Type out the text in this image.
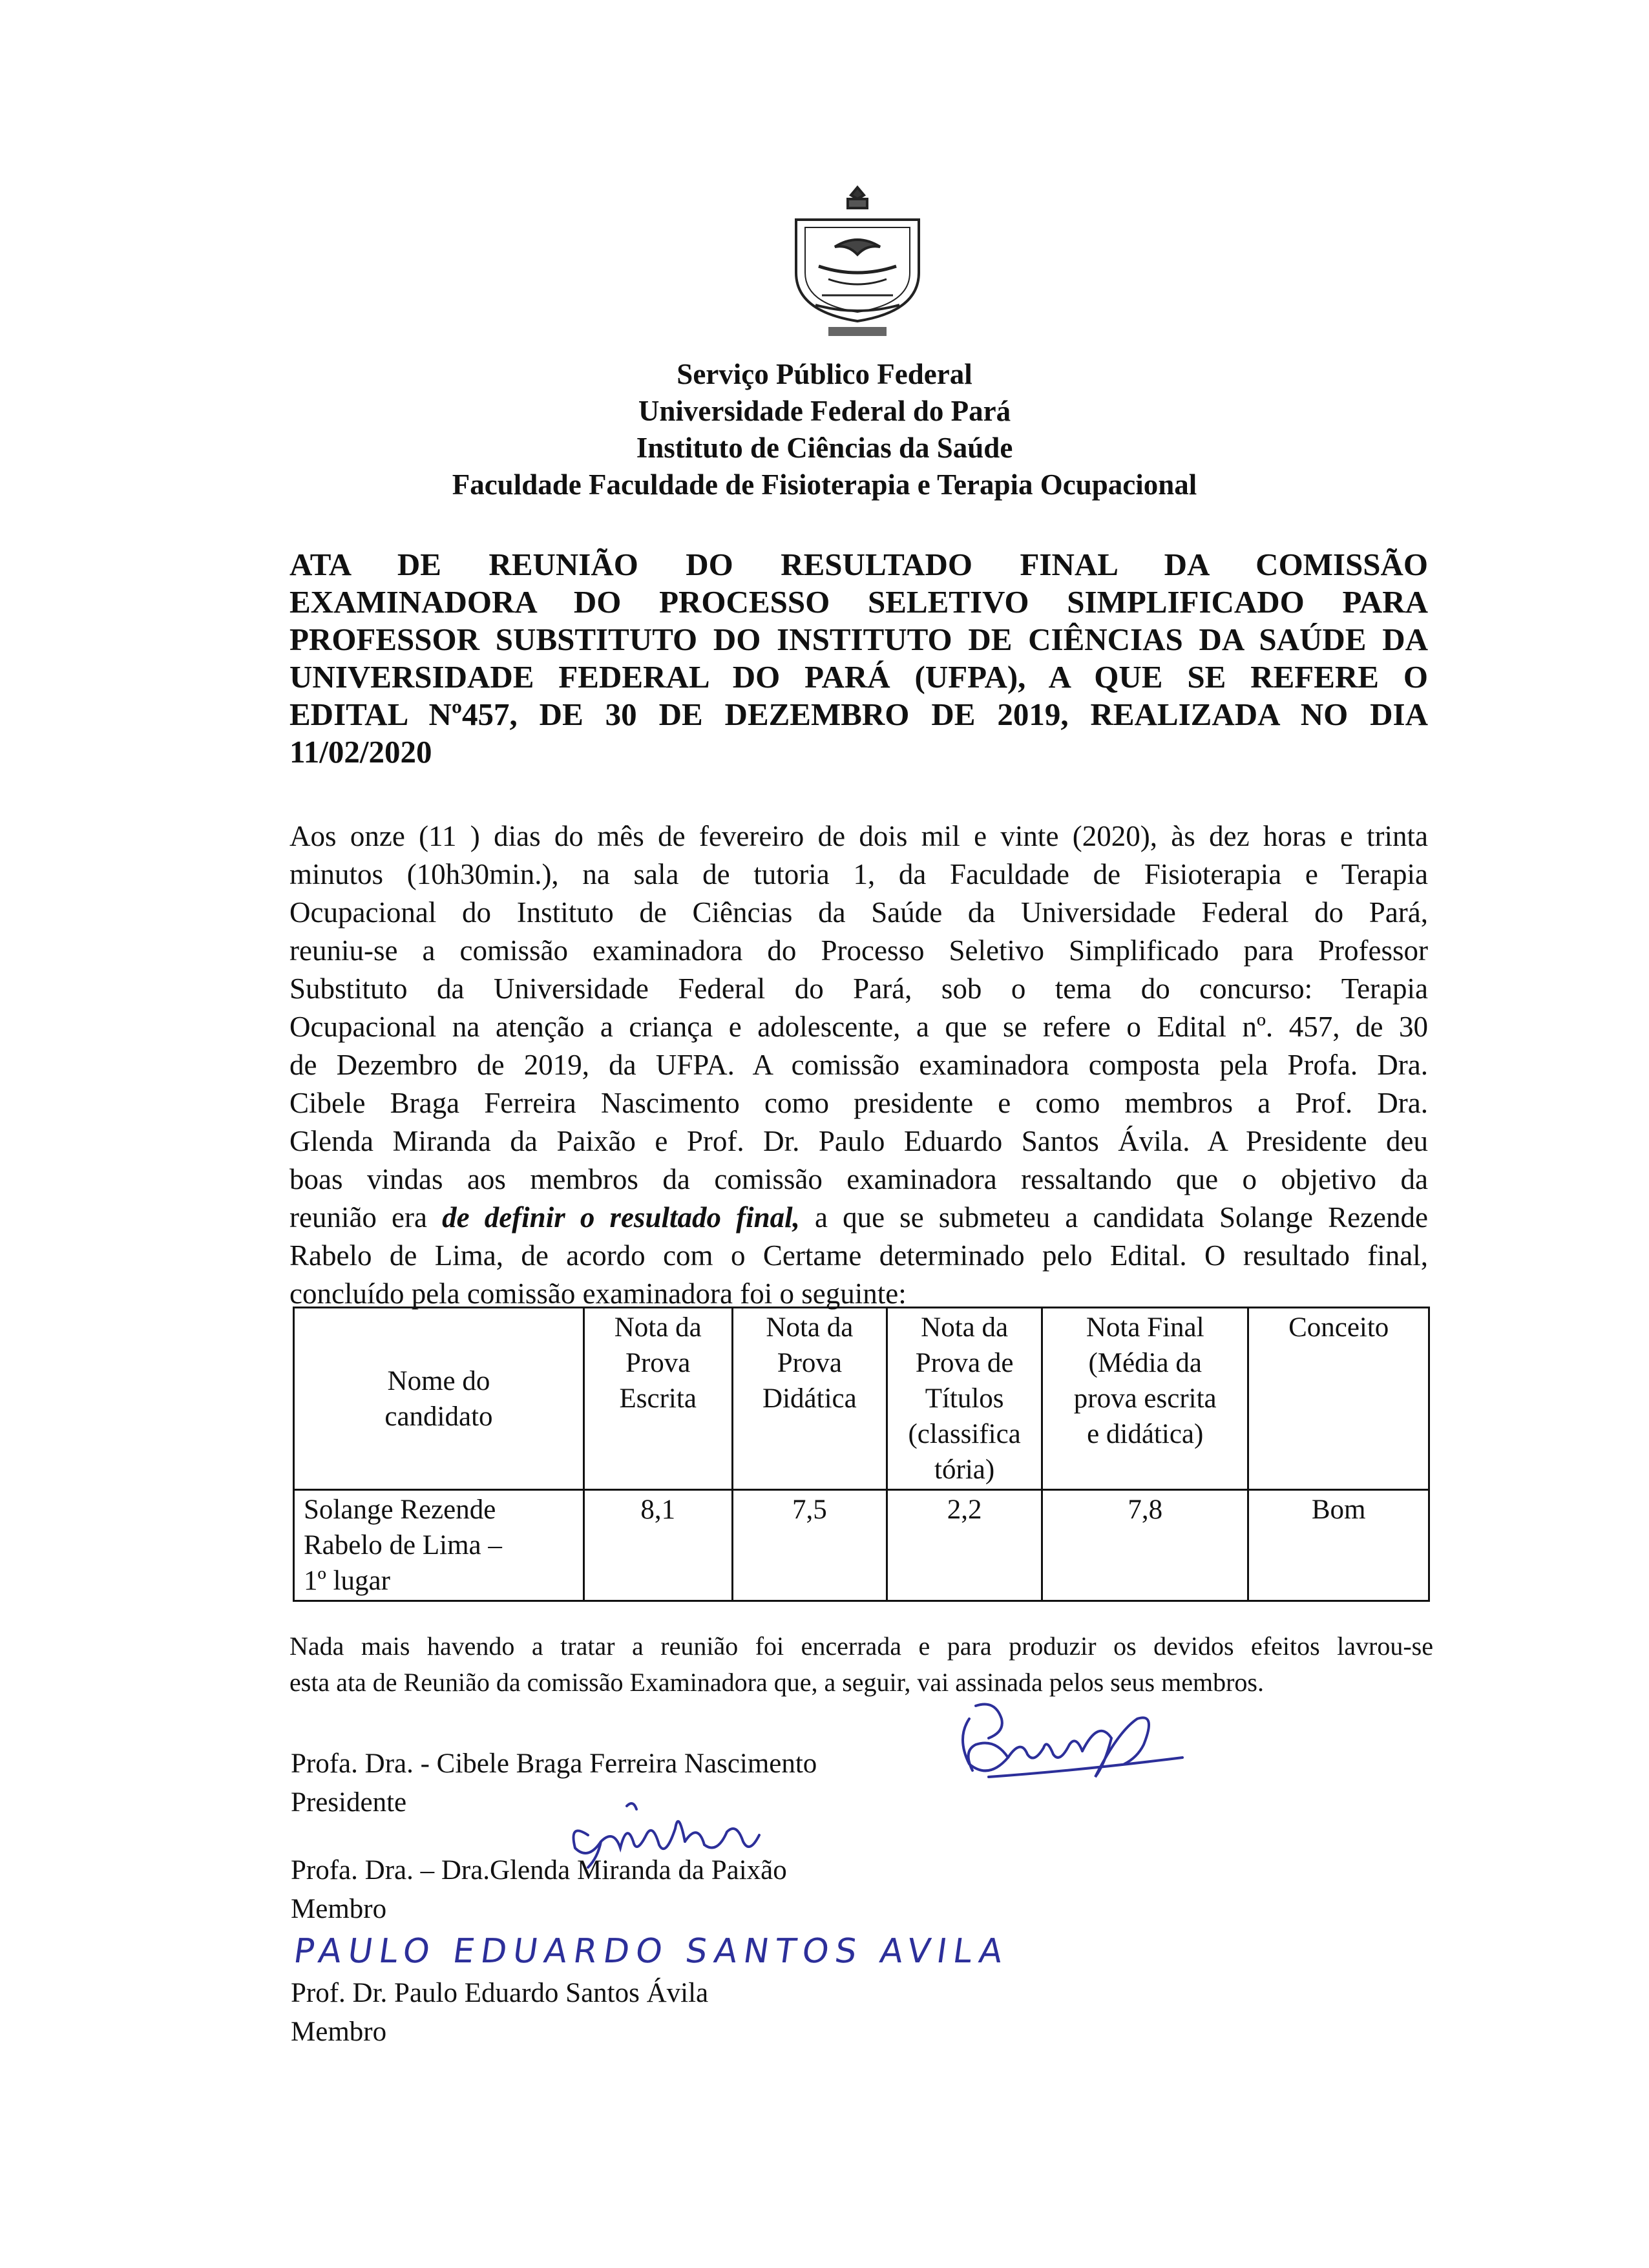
Serviço Público Federal
Universidade Federal do Pará
Instituto de Ciências da Saúde
Faculdade Faculdade de Fisioterapia e Terapia Ocupacional
ATA DE REUNIÃO DO RESULTADO FINAL DA COMISSÃO
EXAMINADORA DO PROCESSO SELETIVO SIMPLIFICADO PARA
PROFESSOR SUBSTITUTO DO INSTITUTO DE CIÊNCIAS DA SAÚDE DA
UNIVERSIDADE FEDERAL DO PARÁ (UFPA), A QUE SE REFERE O
EDITAL Nº457, DE 30 DE DEZEMBRO DE 2019, REALIZADA NO DIA
11/02/2020
Aos onze (11 ) dias do mês de fevereiro de dois mil e vinte (2020), às dez horas e trinta
minutos (10h30min.), na sala de tutoria 1, da Faculdade de Fisioterapia e Terapia
Ocupacional do Instituto de Ciências da Saúde da Universidade Federal do Pará,
reuniu-se a comissão examinadora do Processo Seletivo Simplificado para Professor
Substituto da Universidade Federal do Pará, sob o tema do concurso: Terapia
Ocupacional na atenção a criança e adolescente, a que se refere o Edital nº. 457, de 30
de Dezembro de 2019, da UFPA. A comissão examinadora composta pela Profa. Dra.
Cibele Braga Ferreira Nascimento como presidente e como membros a Prof. Dra.
Glenda Miranda da Paixão e Prof. Dr. Paulo Eduardo Santos Ávila. A Presidente deu
boas vindas aos membros da comissão examinadora ressaltando que o objetivo da
reunião era de definir o resultado final, a que se submeteu a candidata Solange Rezende
Rabelo de Lima, de acordo com o Certame determinado pelo Edital. O resultado final,
concluído pela comissão examinadora foi o seguinte:
Nome do
candidato	Nota da
Prova
Escrita	Nota da
Prova
Didática	Nota da
Prova de
Títulos
(classifica
tória)	Nota Final
(Média da
prova escrita
e didática)	Conceito

Solange Rezende
Rabelo de Lima –
1º lugar	8,1	7,5	2,2	7,8	Bom
Nada mais havendo a tratar a reunião foi encerrada e para produzir os devidos efeitos lavrou-se
esta ata de Reunião da comissão Examinadora que, a seguir, vai assinada pelos seus membros.
Profa. Dra. - Cibele Braga Ferreira Nascimento
Presidente
Profa. Dra. – Dra.Glenda Miranda da Paixão
Membro
PAULO EDUARDO SANTOS AVILA
Prof. Dr. Paulo Eduardo Santos Ávila
Membro
